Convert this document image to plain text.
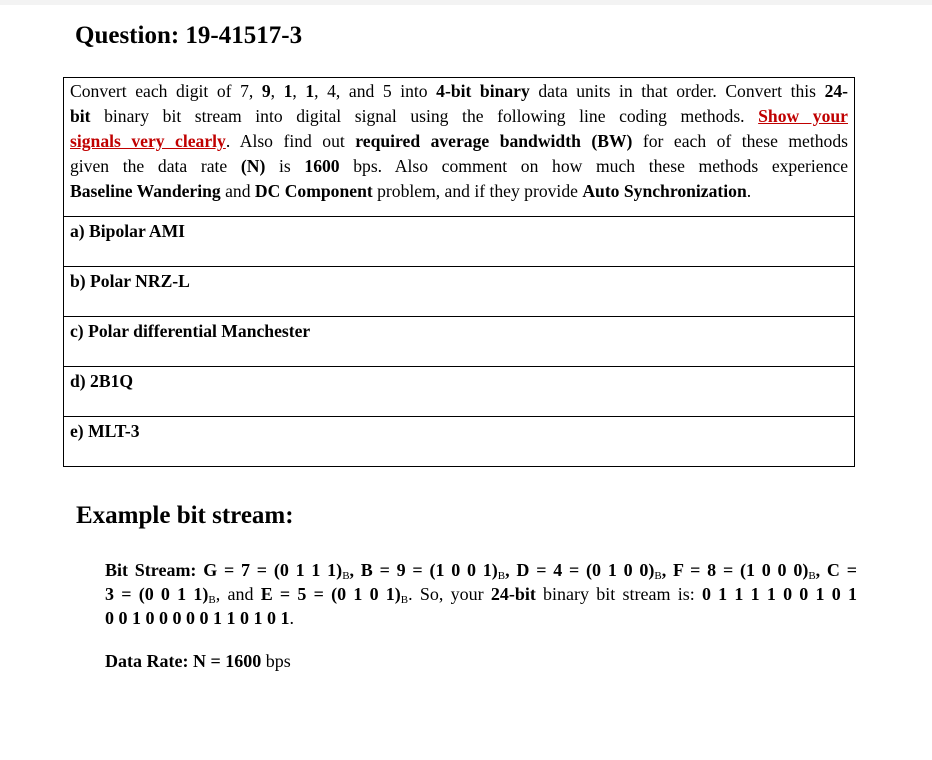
Question: 19-41517-3
Convert each digit of 7, 9, 1, 1, 4, and 5 into 4-bit binary data units in that order. Convert this 24-
bit binary bit stream into digital signal using the following line coding methods. Show your
signals very clearly. Also find out required average bandwidth (BW) for each of these methods
given the data rate (N) is 1600 bps. Also comment on how much these methods experience
Baseline Wandering and DC Component problem, and if they provide Auto Synchronization.

a) Bipolar AMI
b) Polar NRZ-L
c) Polar differential Manchester
d) 2B1Q
e) MLT-3
Example bit stream:
Bit Stream: G = 7 = (0 1 1 $1)_B$, B = 9 = (1 0 0 $1)_B$, D = 4 = (0 1 0 $0)_B$, F = 8 = (1 0 0 $0)_B$, C =
3 = (0 0 1 $1)_B$, and E = 5 = (0 1 0 $1)_B$. So, your 24-bit binary bit stream is: 0 1 1 1 1 0 0 1 0 1
0 0 1 0 0 0 0 0 1 1 0 1 0 1.
Data Rate: N = 1600 bps
